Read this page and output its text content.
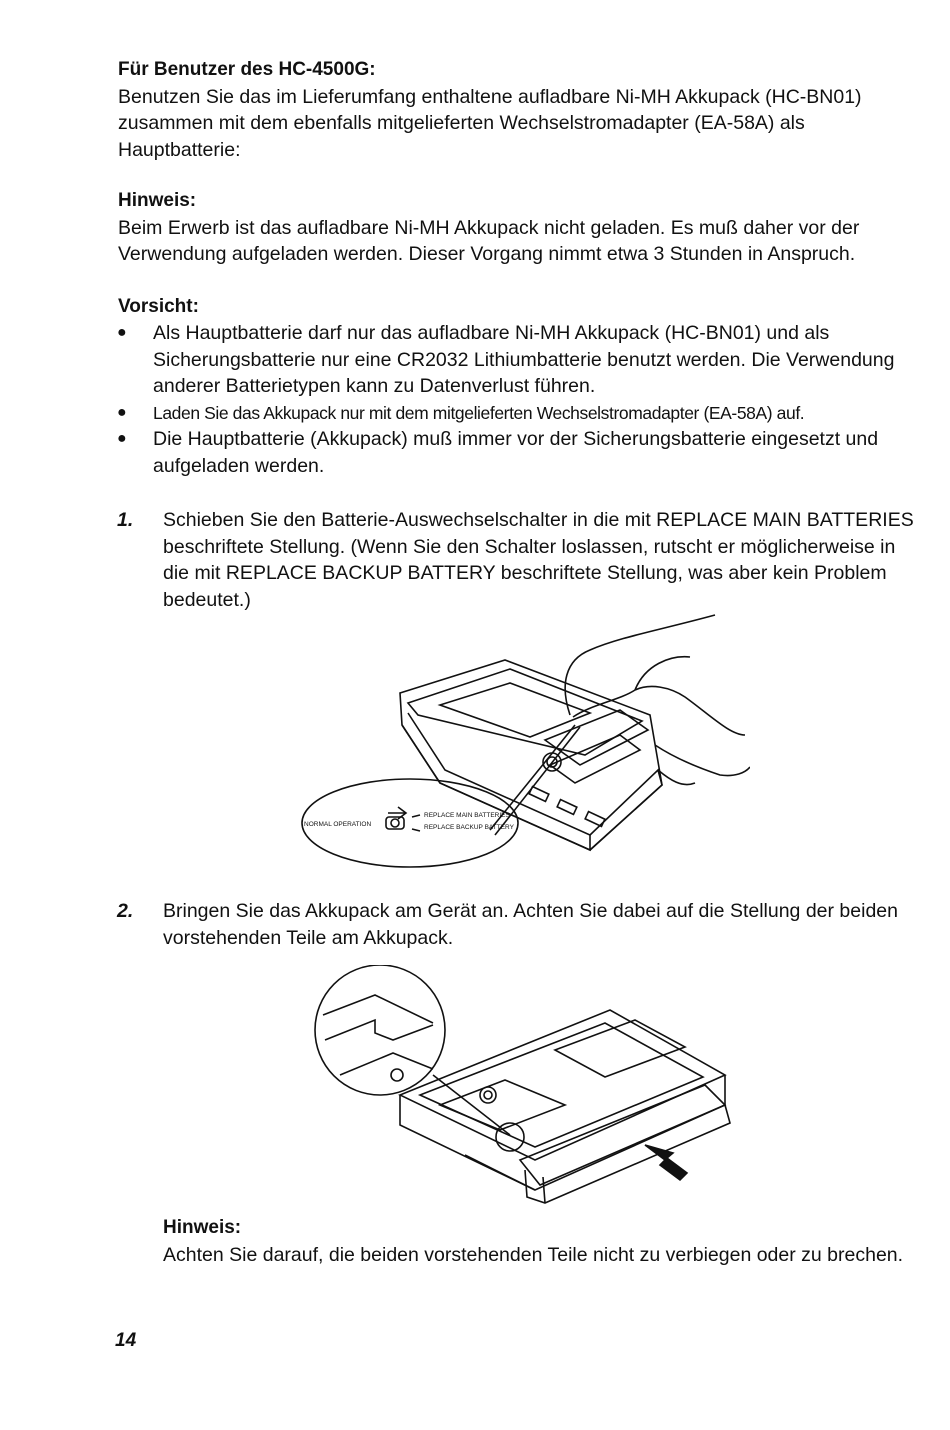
Für Benutzer des HC-4500G:

Benutzen Sie das im Lieferumfang enthaltene aufladbare Ni-MH Akkupack (HC-BN01) zusammen mit dem ebenfalls mitgelieferten Wechselstromadapter (EA-58A) als Hauptbatterie:

Hinweis:

Beim Erwerb ist das aufladbare Ni-MH Akkupack nicht geladen. Es muß daher vor der Verwendung aufgeladen werden. Dieser Vorgang nimmt etwa 3 Stunden in Anspruch.

Vorsicht:
● Als Hauptbatterie darf nur das aufladbare Ni-MH Akkupack (HC-BN01) und als Sicherungsbatterie nur eine CR2032 Lithiumbatterie benutzt werden. Die Verwendung anderer Batterietypen kann zu Datenverlust führen.
● Laden Sie das Akkupack nur mit dem mitgelieferten Wechselstromadapter (EA-58A) auf.
● Die Hauptbatterie (Akkupack) muß immer vor der Sicherungsbatterie eingesetzt und aufgeladen werden.
1. Schieben Sie den Batterie-Auswechselschalter in die mit REPLACE MAIN BATTERIES beschriftete Stellung. (Wenn Sie den Schalter loslassen, rutscht er möglicherweise in die mit REPLACE BACKUP BATTERY beschriftete Stellung, was aber kein Problem bedeutet.)
NORMAL OPERATION
REPLACE MAIN BATTERIES
REPLACE BACKUP BATTERY
2. Bringen Sie das Akkupack am Gerät an. Achten Sie dabei auf die Stellung der beiden vorstehenden Teile am Akkupack.
Hinweis:

Achten Sie darauf, die beiden vorstehenden Teile nicht zu verbiegen oder zu brechen.

14
